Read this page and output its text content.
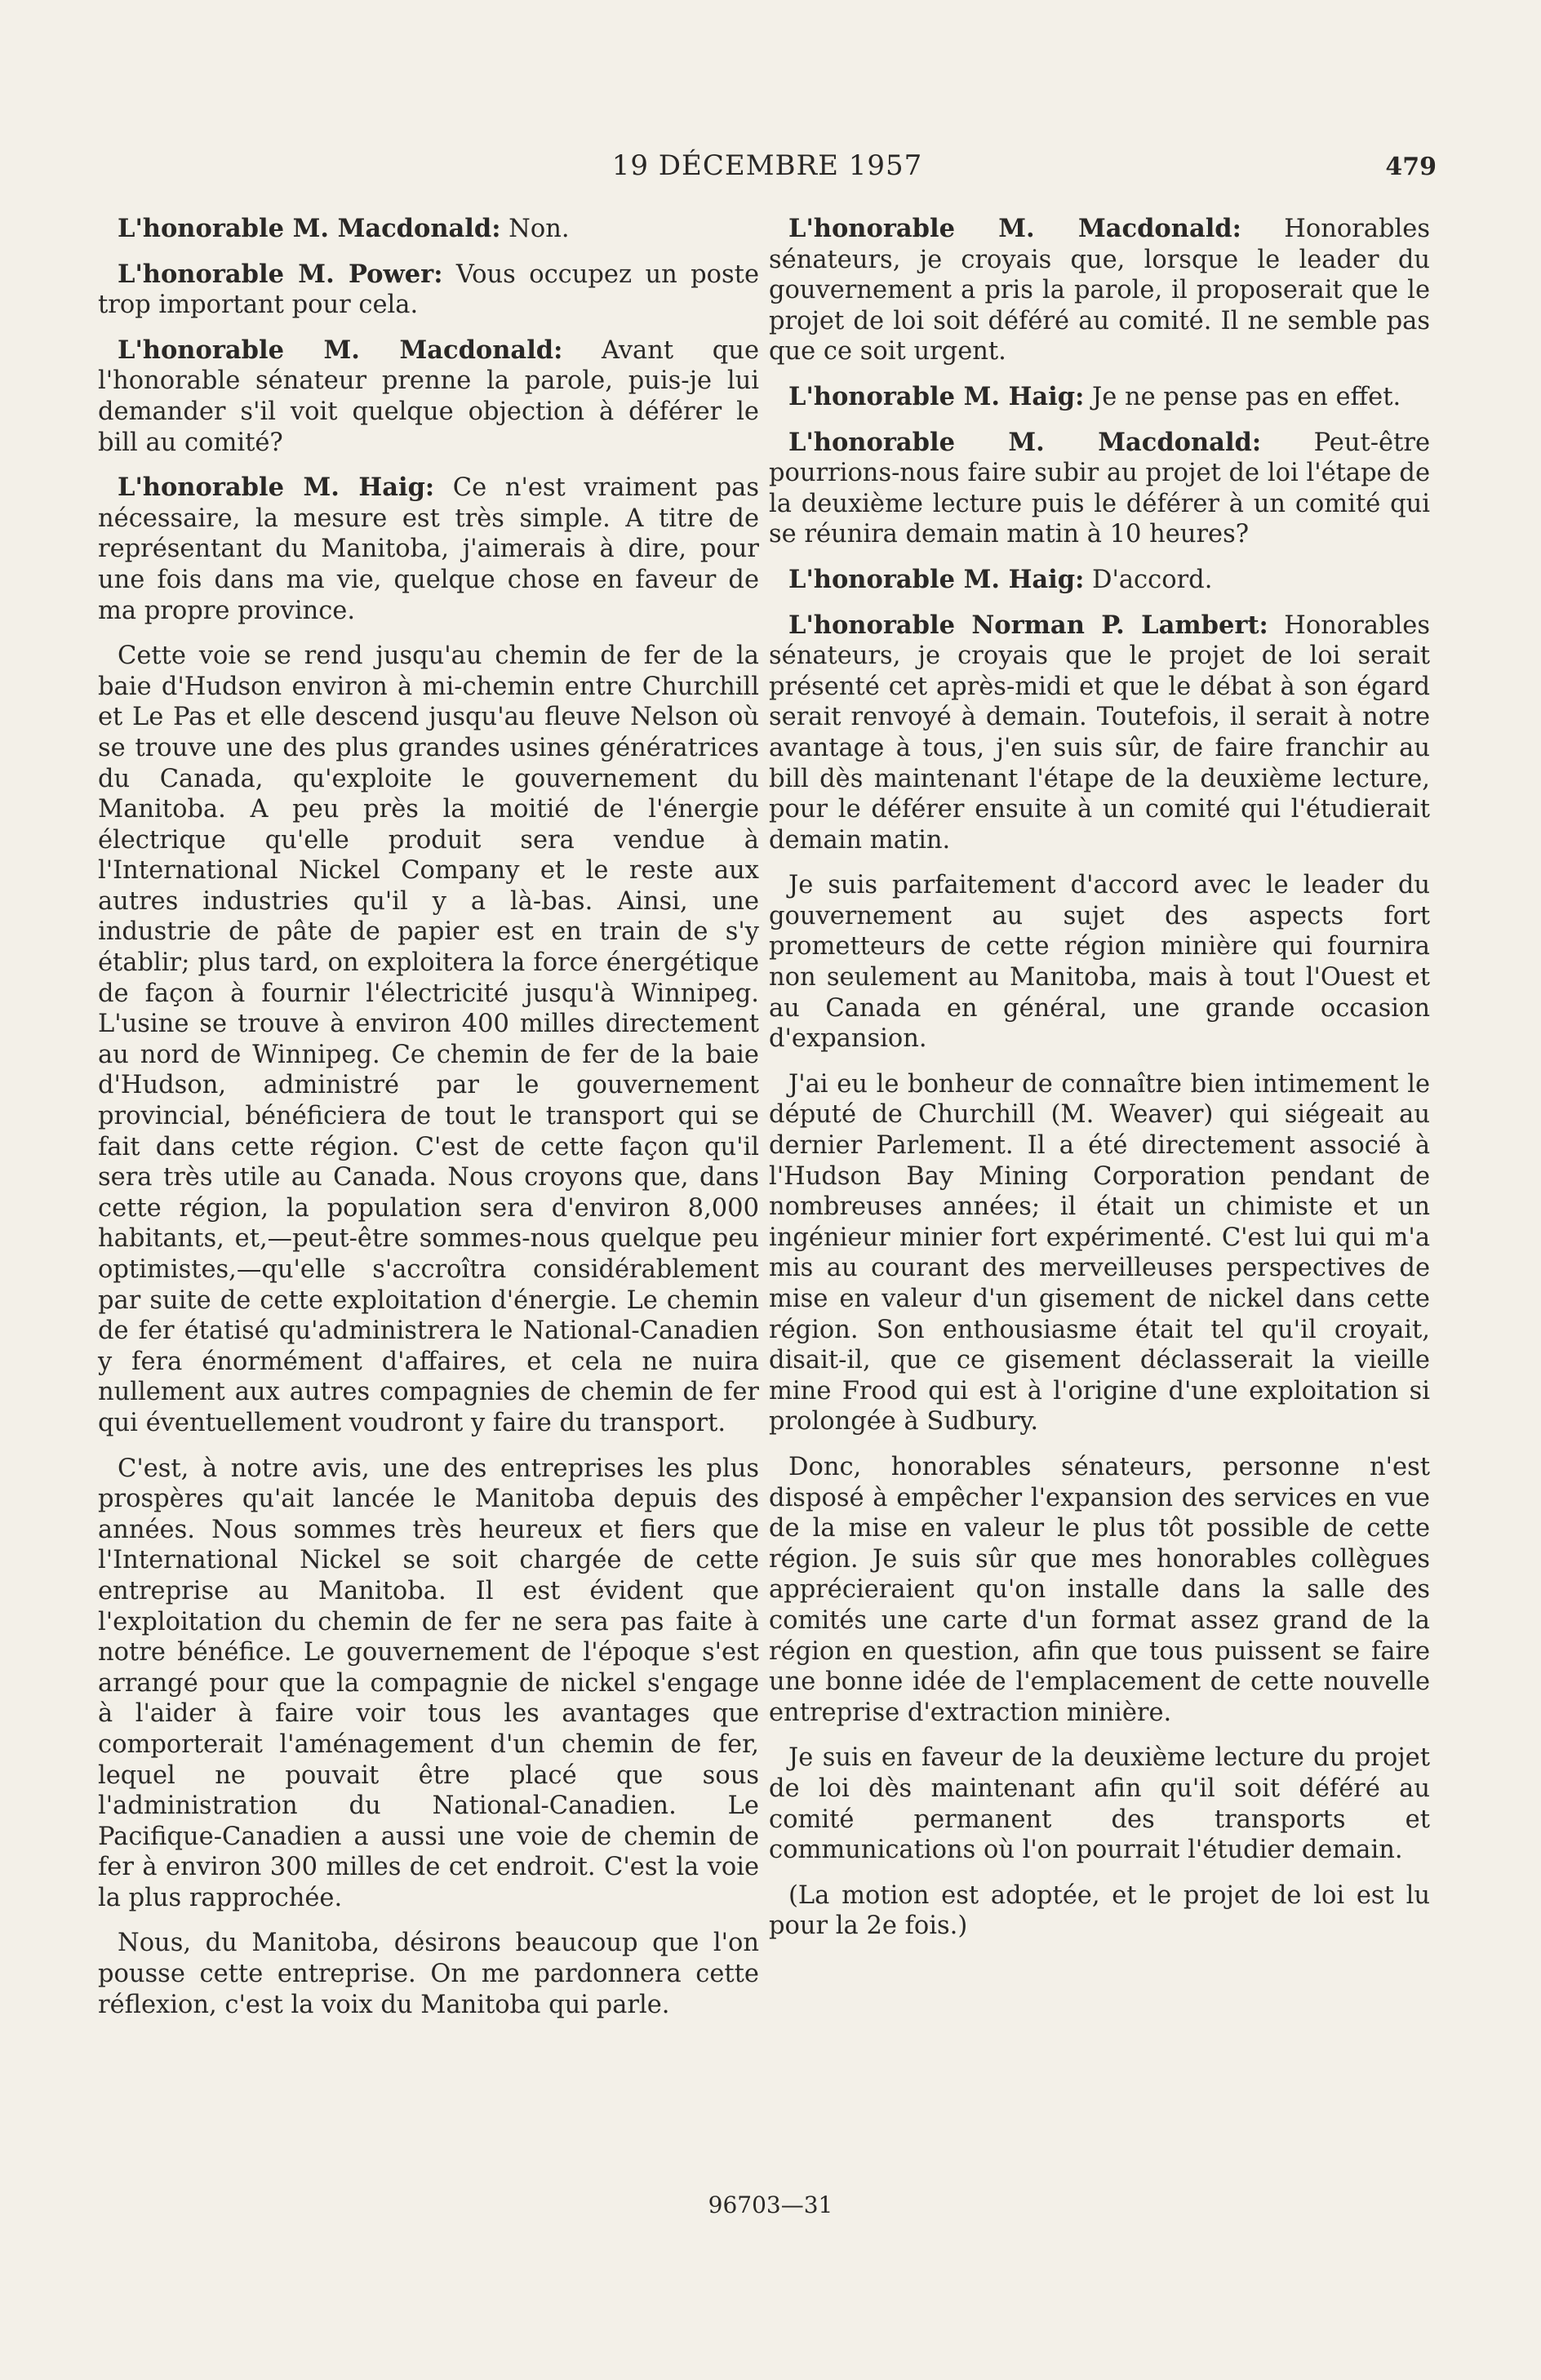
19 DÉCEMBRE 1957	479

L'honorable M. Macdonald: Non.

L'honorable M. Power: Vous occupez un poste trop important pour cela.

L'honorable M. Macdonald: Avant que l'honorable sénateur prenne la parole, puis-je lui demander s'il voit quelque objection à déférer le bill au comité?

L'honorable M. Haig: Ce n'est vraiment pas nécessaire, la mesure est très simple. A titre de représentant du Manitoba, j'aimerais à dire, pour une fois dans ma vie, quelque chose en faveur de ma propre province.

Cette voie se rend jusqu'au chemin de fer de la baie d'Hudson environ à mi-chemin entre Churchill et Le Pas et elle descend jusqu'au fleuve Nelson où se trouve une des plus grandes usines génératrices du Canada, qu'exploite le gouvernement du Manitoba. A peu près la moitié de l'énergie électrique qu'elle produit sera vendue à l'International Nickel Company et le reste aux autres industries qu'il y a là-bas. Ainsi, une industrie de pâte de papier est en train de s'y établir; plus tard, on exploitera la force énergétique de façon à fournir l'électricité jusqu'à Winnipeg. L'usine se trouve à environ 400 milles directement au nord de Winnipeg. Ce chemin de fer de la baie d'Hudson, administré par le gouvernement provincial, bénéficiera de tout le transport qui se fait dans cette région. C'est de cette façon qu'il sera très utile au Canada. Nous croyons que, dans cette région, la population sera d'environ 8,000 habitants, et,—peut-être sommes-nous quelque peu optimistes,—qu'elle s'accroîtra considérablement par suite de cette exploitation d'énergie. Le chemin de fer étatisé qu'administrera le National-Canadien y fera énormément d'affaires, et cela ne nuira nullement aux autres compagnies de chemin de fer qui éventuellement voudront y faire du transport.

C'est, à notre avis, une des entreprises les plus prospères qu'ait lancée le Manitoba depuis des années. Nous sommes très heureux et fiers que l'International Nickel se soit chargée de cette entreprise au Manitoba. Il est évident que l'exploitation du chemin de fer ne sera pas faite à notre bénéfice. Le gouvernement de l'époque s'est arrangé pour que la compagnie de nickel s'engage à l'aider à faire voir tous les avantages que comporterait l'aménagement d'un chemin de fer, lequel ne pouvait être placé que sous l'administration du National-Canadien. Le Pacifique-Canadien a aussi une voie de chemin de fer à environ 300 milles de cet endroit. C'est la voie la plus rapprochée.

Nous, du Manitoba, désirons beaucoup que l'on pousse cette entreprise. On me pardonnera cette réflexion, c'est la voix du Manitoba qui parle.

L'honorable M. Macdonald: Honorables sénateurs, je croyais que, lorsque le leader du gouvernement a pris la parole, il proposerait que le projet de loi soit déféré au comité. Il ne semble pas que ce soit urgent.

L'honorable M. Haig: Je ne pense pas en effet.

L'honorable M. Macdonald: Peut-être pourrions-nous faire subir au projet de loi l'étape de la deuxième lecture puis le déférer à un comité qui se réunira demain matin à 10 heures?

L'honorable M. Haig: D'accord.

L'honorable Norman P. Lambert: Honorables sénateurs, je croyais que le projet de loi serait présenté cet après-midi et que le débat à son égard serait renvoyé à demain. Toutefois, il serait à notre avantage à tous, j'en suis sûr, de faire franchir au bill dès maintenant l'étape de la deuxième lecture, pour le déférer ensuite à un comité qui l'étudierait demain matin.

Je suis parfaitement d'accord avec le leader du gouvernement au sujet des aspects fort prometteurs de cette région minière qui fournira non seulement au Manitoba, mais à tout l'Ouest et au Canada en général, une grande occasion d'expansion.

J'ai eu le bonheur de connaître bien intimement le député de Churchill (M. Weaver) qui siégeait au dernier Parlement. Il a été directement associé à l'Hudson Bay Mining Corporation pendant de nombreuses années; il était un chimiste et un ingénieur minier fort expérimenté. C'est lui qui m'a mis au courant des merveilleuses perspectives de mise en valeur d'un gisement de nickel dans cette région. Son enthousiasme était tel qu'il croyait, disait-il, que ce gisement déclasserait la vieille mine Frood qui est à l'origine d'une exploitation si prolongée à Sudbury.

Donc, honorables sénateurs, personne n'est disposé à empêcher l'expansion des services en vue de la mise en valeur le plus tôt possible de cette région. Je suis sûr que mes honorables collègues apprécieraient qu'on installe dans la salle des comités une carte d'un format assez grand de la région en question, afin que tous puissent se faire une bonne idée de l'emplacement de cette nouvelle entreprise d'extraction minière.

Je suis en faveur de la deuxième lecture du projet de loi dès maintenant afin qu'il soit déféré au comité permanent des transports et communications où l'on pourrait l'étudier demain.

(La motion est adoptée, et le projet de loi est lu pour la 2e fois.)

96703—31
